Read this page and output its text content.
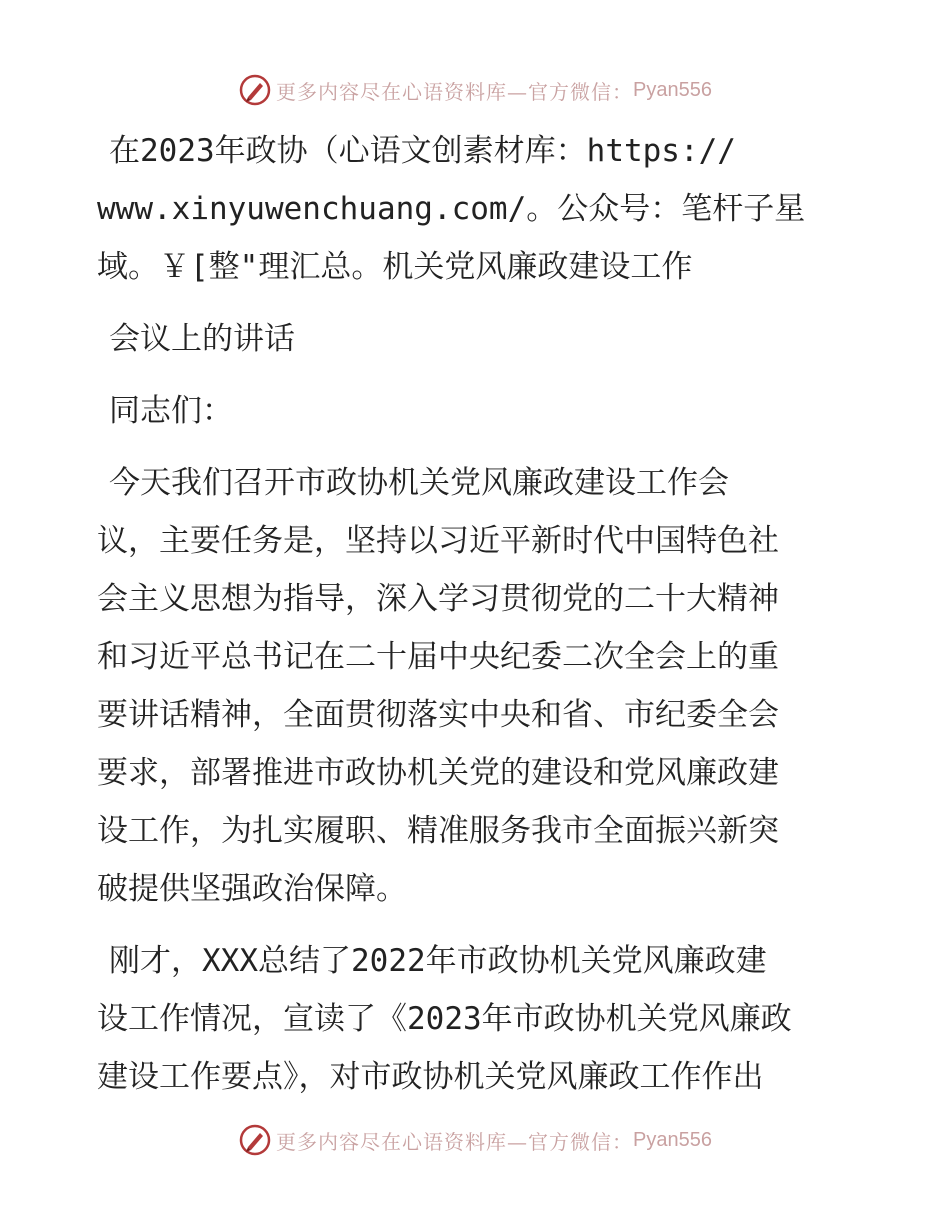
更多内容尽在心语资料库—官方微信： Pyan556
在2023年政协（心语文创素材库：https://
www.xinyuwenchuang.com/。公众号：笔杆子星
域。￥[整"理汇总。机关党风廉政建设工作
会议上的讲话
同志们：
今天我们召开市政协机关党风廉政建设工作会
议，主要任务是，坚持以习近平新时代中国特色社
会主义思想为指导，深入学习贯彻党的二十大精神
和习近平总书记在二十届中央纪委二次全会上的重
要讲话精神，全面贯彻落实中央和省、市纪委全会
要求，部署推进市政协机关党的建设和党风廉政建
设工作，为扎实履职、精准服务我市全面振兴新突
破提供坚强政治保障。
刚才，XXX总结了2022年市政协机关党风廉政建
设工作情况，宣读了《2023年市政协机关党风廉政
建设工作要点》，对市政协机关党风廉政工作作出
更多内容尽在心语资料库—官方微信： Pyan556
